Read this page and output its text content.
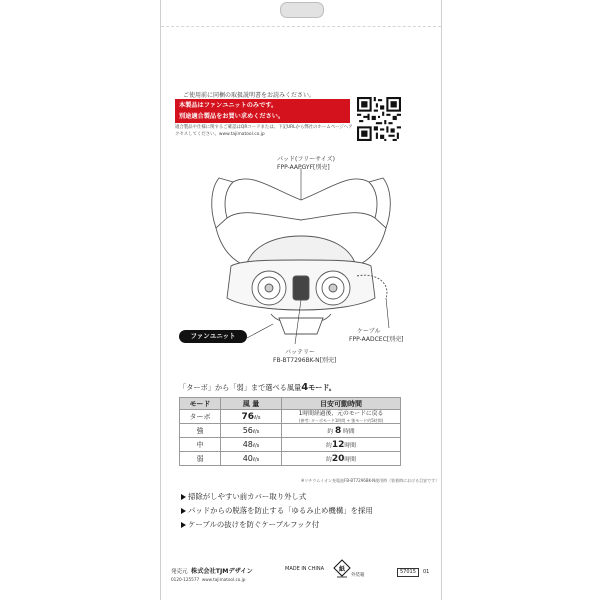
ご使用前に同梱の取扱説明書をお読みください。
本製品はファンユニットのみです。
別途適合製品をお買い求めください。
適合製品や仕様に関するご確認はQRコードまたは、下記URLから弊社のホームページへアクセスしてください。www.tajimatool.co.jp
パッド(フリーサイズ)
FPP-AAPGYF[別売]
ケーブル
FPP-AADCEC[別売]
バッテリー
FB-BT7296BK-N[別売]
ファンユニット
「ターボ」から「弱」まで選べる風量4モード。
モード	風 量	目安可動時間
ターボ	76ℓ/s	1時間経過後、元のモードに戻る
(参考: ターボモード1時間 + 強モード約5時間)

強	56ℓ/s	約 8 時間
中	48ℓ/s	約12時間
弱	40ℓ/s	約20時間
※リチウムイオン充電池FB-BT7296BK-N使用時（装着時における目安です）
掃除がしやすい前カバー取り外し式
パッドからの脱落を防止する「ゆるみ止め機構」を採用
ケーブルの抜けを防ぐケーブルフック付
発売元 株式会社TJMデザイン
0120-125577 www.tajimatool.co.jp
MADE IN CHINA 紙
外装箱
57015	01
